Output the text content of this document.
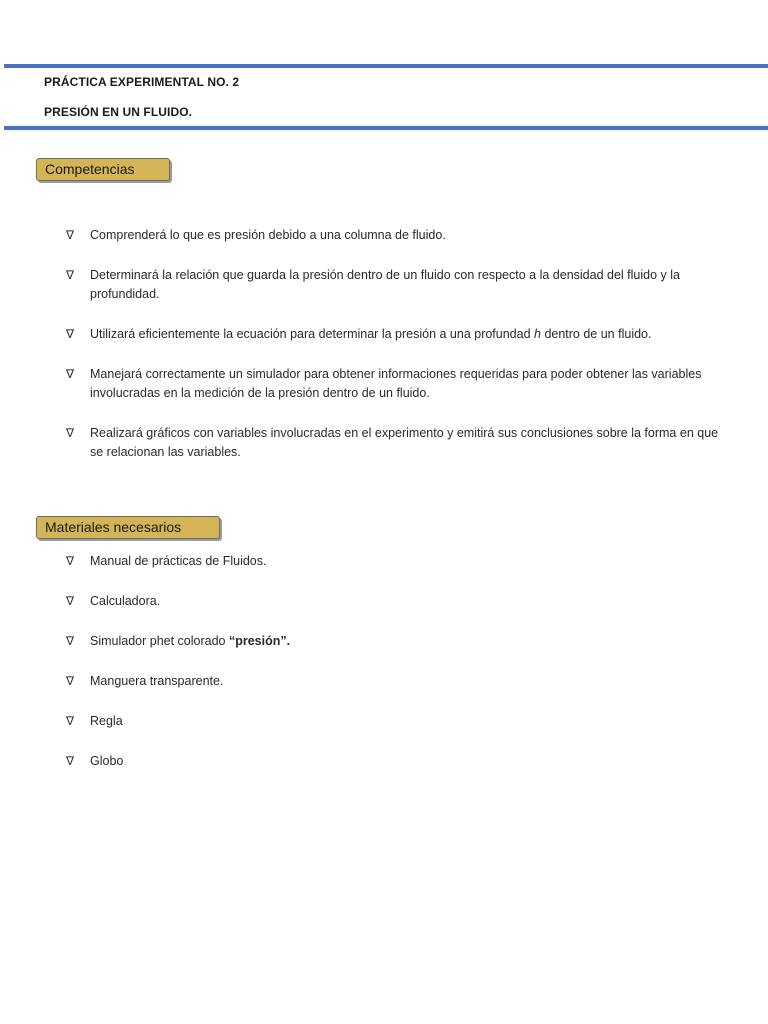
PRÁCTICA EXPERIMENTAL NO. 2
PRESIÓN EN UN FLUIDO.
Competencias
∇ Comprenderá lo que es presión debido a una columna de fluido.
∇ Determinará la relación que guarda la presión dentro de un fluido con respecto a la densidad del fluido y la profundidad.
∇ Utilizará eficientemente la ecuación para determinar la presión a una profundad h dentro de un fluido.
∇ Manejará correctamente un simulador para obtener informaciones requeridas para poder obtener las variables involucradas en la medición de la presión dentro de un fluido.
∇ Realizará gráficos con variables involucradas en el experimento y emitirá sus conclusiones sobre la forma en que se relacionan las variables.
Materiales necesarios
∇ Manual de prácticas de Fluidos.
∇ Calculadora.
∇ Simulador phet colorado “presión”.
∇ Manguera transparente.
∇ Regla
∇ Globo
